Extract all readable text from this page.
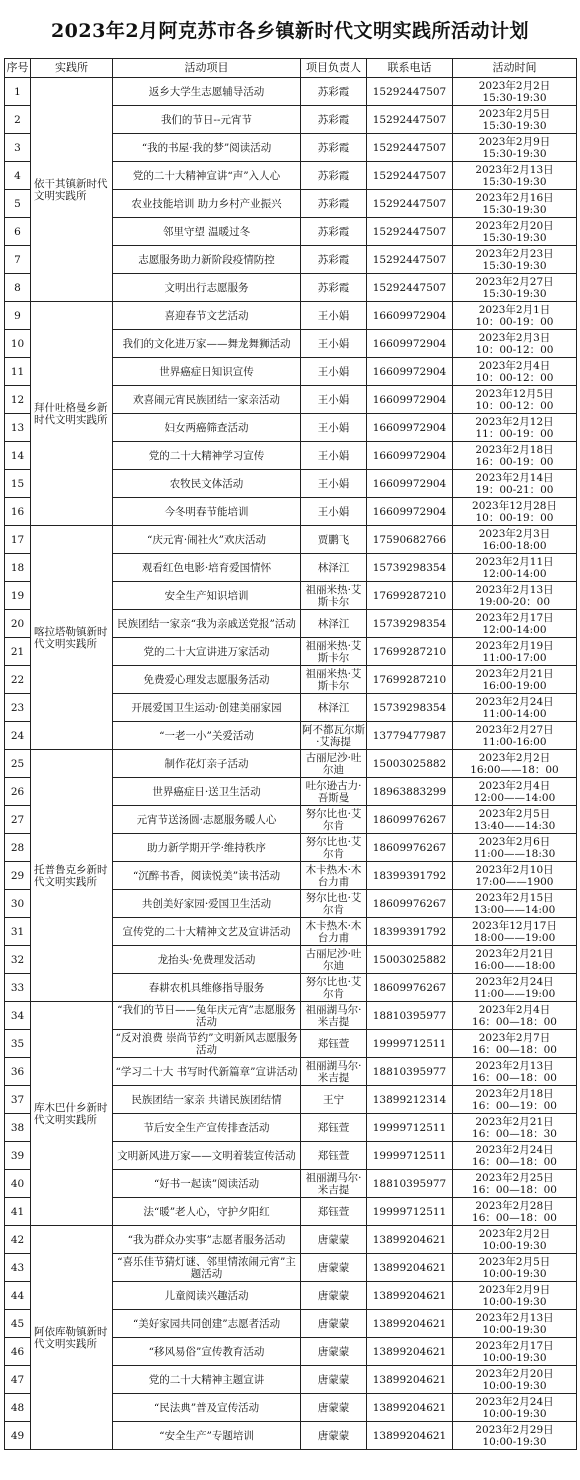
2023年2月阿克苏市各乡镇新时代文明实践所活动计划
序号	实践所	活动项目	项目负责人	联系电话	活动时间
1	依干其镇新时代文明实践所	返乡大学生志愿辅导活动	苏彩霞	15292447507	2023年2月2日
15:30-19:30

2		我们的节日--元宵节	苏彩霞	15292447507	2023年2月5日
15:30-19:30

3		“我的书屋·我的梦”阅读活动	苏彩霞	15292447507	2023年2月9日
15:30-19:30

4		党的二十大精神宣讲“声”入人心	苏彩霞	15292447507	2023年2月13日
15:30-19:30

5		农业技能培训 助力乡村产业振兴	苏彩霞	15292447507	2023年2月16日
15:30-19:30

6		邻里守望 温暖过冬	苏彩霞	15292447507	2023年2月20日
15:30-19:30

7		志愿服务助力新阶段疫情防控	苏彩霞	15292447507	2023年2月23日
15:30-19:30

8		文明出行志愿服务	苏彩霞	15292447507	2023年2月27日
15:30-19:30

9	拜什吐格曼乡新时代文明实践所	喜迎春节文艺活动	王小娟	16609972904	2023年2月1日
10：00-19：00

10		我们的文化进万家——舞龙舞狮活动	王小娟	16609972904	2023年2月3日
10：00-12：00

11		世界癌症日知识宣传	王小娟	16609972904	2023年2月4日
10：00-12：00

12		欢喜闹元宵民族团结一家亲活动	王小娟	16609972904	2023年12月5日
10：00-12：00

13		妇女两癌筛查活动	王小娟	16609972904	2023年2月12日
11：00-19：00

14		党的二十大精神学习宣传	王小娟	16609972904	2023年2月18日
16：00-19：00

15		农牧民文体活动	王小娟	16609972904	2023年2月14日
19：00-21：00

16		今冬明春节能培训	王小娟	16609972904	2023年12月28日
10：00-19：00

17	喀拉塔勒镇新时代文明实践所	“庆元宵·闹社火”欢庆活动	贾鹏飞	17590682766	2023年2月3日
16:00-18:00

18		观看红色电影·培育爱国情怀	林泽江	15739298354	2023年2月11日
12:00-14:00

19		安全生产知识培训	祖丽米热·艾斯卡尔	17699287210	2023年2月13日
19:00-20：00

20		民族团结一家亲“我为亲戚送党报”活动	林泽江	15739298354	2023年2月17日
12:00-14:00

21		党的二十大宣讲进万家活动	祖丽米热·艾斯卡尔	17699287210	2023年2月19日
11:00-17:00

22		免费爱心理发志愿服务活动	祖丽米热·艾斯卡尔	17699287210	2023年2月21日
16:00-19:00

23		开展爱国卫生运动·创建美丽家园	林泽江	15739298354	2023年2月24日
11:00-14:00

24		“一老一小”关爱活动	阿不都瓦尔斯·艾海提	13779477987	2023年2月27日
11:00-16:00

25	托普鲁克乡新时代文明实践所	制作花灯亲子活动	古丽尼沙·吐尔迪	15003025882	2023年2月2日
16:00——18：00

26		世界癌症日·送卫生活动	吐尔逊古力·吾斯曼	18963883299	2023年2月4日
12:00——14:00

27		元宵节送汤圆·志愿服务暖人心	努尔比也·艾尔肯	18609976267	2023年2月5日
13:40——14:30

28		助力新学期开学·维持秩序	努尔比也·艾尔肯	18609976267	2023年2月6日
11:00——18:30

29		“沉醉书香，阅读悦美”读书活动	木卡热木·木台力甫	18399391792	2023年2月10日
17:00——1900

30		共创美好家园·爱国卫生活动	努尔比也·艾尔肯	18609976267	2023年2月15日
13:00——14:00

31		宣传党的二十大精神文艺及宣讲活动	木卡热木·木台力甫	18399391792	2023年12月17日
18:00——19:00

32		龙抬头·免费理发活动	古丽尼沙·吐尔迪	15003025882	2023年2月21日
16:00——18:00

33		春耕农机具维修指导服务	努尔比也·艾尔肯	18609976267	2023年2月24日
11:00——19:00

34	库木巴什乡新时代文明实践所	“我们的节日——兔年庆元宵”志愿服务活动	祖丽湖马尔·米吉提	18810395977	2023年2月4日
16：00—18：00

35		“反对浪费 崇尚节约”文明新风志愿服务活动	郑钰萱	19999712511	2023年2月7日
16：00—18：00

36		“学习二十大 书写时代新篇章”宣讲活动	祖丽湖马尔·米吉提	18810395977	2023年2月13日
16：00—18：00

37		民族团结一家亲 共谱民族团结情	王宁	13899212314	2023年2月18日
16：00—19：00

38		节后安全生产宣传排查活动	郑钰萱	19999712511	2023年2月21日
16：00—18：30

39		文明新风进万家——文明着装宣传活动	郑钰萱	19999712511	2023年2月24日
16：00—18：00

40		“好书一起读”阅读活动	祖丽湖马尔·米吉提	18810395977	2023年2月25日
16：00—18：00

41		法“暖”老人心，守护夕阳红	郑钰萱	19999712511	2023年2月28日
16：00—18：00

42	阿依库勒镇新时代文明实践所	“我为群众办实事”志愿者服务活动	唐蒙蒙	13899204621	2023年2月2日
10:00-19:30

43		“喜乐佳节猜灯谜、邻里情浓闹元宵”主题活动	唐蒙蒙	13899204621	2023年2月5日
10:00-19:30

44		儿童阅读兴趣活动	唐蒙蒙	13899204621	2023年2月9日
10:00-19:30

45		“美好家园共同创建”志愿者活动	唐蒙蒙	13899204621	2023年2月13日
10:00-19:30

46		“移风易俗”宣传教育活动	唐蒙蒙	13899204621	2023年2月17日
10:00-19:30

47		党的二十大精神主题宣讲	唐蒙蒙	13899204621	2023年2月20日
10:00-19:30

48		“民法典”普及宣传活动	唐蒙蒙	13899204621	2023年2月24日
10:00-19:30

49		“安全生产”专题培训	唐蒙蒙	13899204621	2023年2月29日
10:00-19:30
